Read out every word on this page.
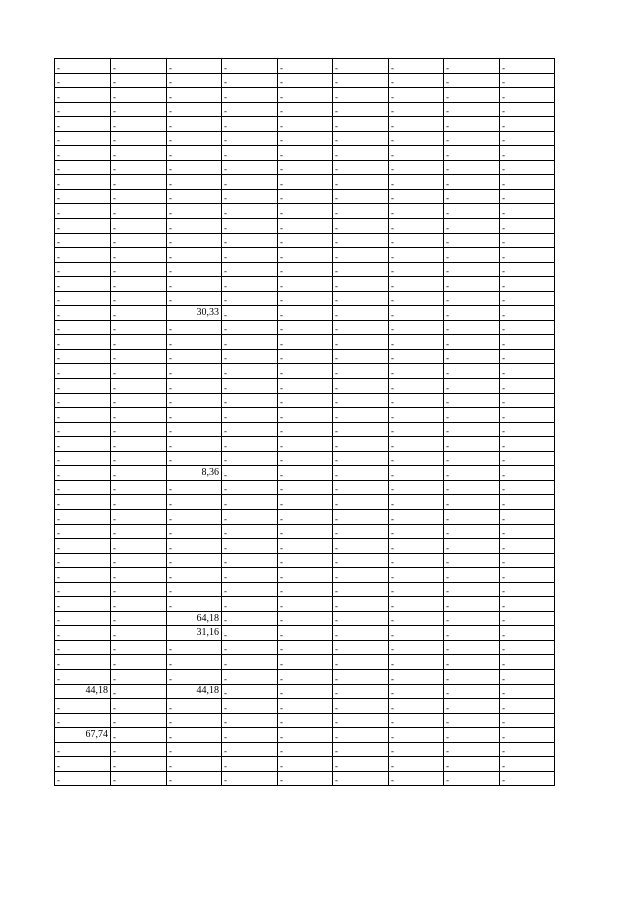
-	-	-	-	-	-	-	-	-
-	-	-	-	-	-	-	-	-
-	-	-	-	-	-	-	-	-
-	-	-	-	-	-	-	-	-
-	-	-	-	-	-	-	-	-
-	-	-	-	-	-	-	-	-
-	-	-	-	-	-	-	-	-
-	-	-	-	-	-	-	-	-
-	-	-	-	-	-	-	-	-
-	-	-	-	-	-	-	-	-
-	-	-	-	-	-	-	-	-
-	-	-	-	-	-	-	-	-
-	-	-	-	-	-	-	-	-
-	-	-	-	-	-	-	-	-
-	-	-	-	-	-	-	-	-
-	-	-	-	-	-	-	-	-
-	-	-	-	-	-	-	-	-
-	-	30,33	-	-	-	-	-	-
-	-	-	-	-	-	-	-	-
-	-	-	-	-	-	-	-	-
-	-	-	-	-	-	-	-	-
-	-	-	-	-	-	-	-	-
-	-	-	-	-	-	-	-	-
-	-	-	-	-	-	-	-	-
-	-	-	-	-	-	-	-	-
-	-	-	-	-	-	-	-	-
-	-	-	-	-	-	-	-	-
-	-	-	-	-	-	-	-	-
-	-	8,36	-	-	-	-	-	-
-	-	-	-	-	-	-	-	-
-	-	-	-	-	-	-	-	-
-	-	-	-	-	-	-	-	-
-	-	-	-	-	-	-	-	-
-	-	-	-	-	-	-	-	-
-	-	-	-	-	-	-	-	-
-	-	-	-	-	-	-	-	-
-	-	-	-	-	-	-	-	-
-	-	-	-	-	-	-	-	-
-	-	64,18	-	-	-	-	-	-
-	-	31,16	-	-	-	-	-	-
-	-	-	-	-	-	-	-	-
-	-	-	-	-	-	-	-	-
-	-	-	-	-	-	-	-	-
44,18	-	44,18	-	-	-	-	-	-
-	-	-	-	-	-	-	-	-
-	-	-	-	-	-	-	-	-
67,74	-	-	-	-	-	-	-	-
-	-	-	-	-	-	-	-	-
-	-	-	-	-	-	-	-	-
-	-	-	-	-	-	-	-	-
